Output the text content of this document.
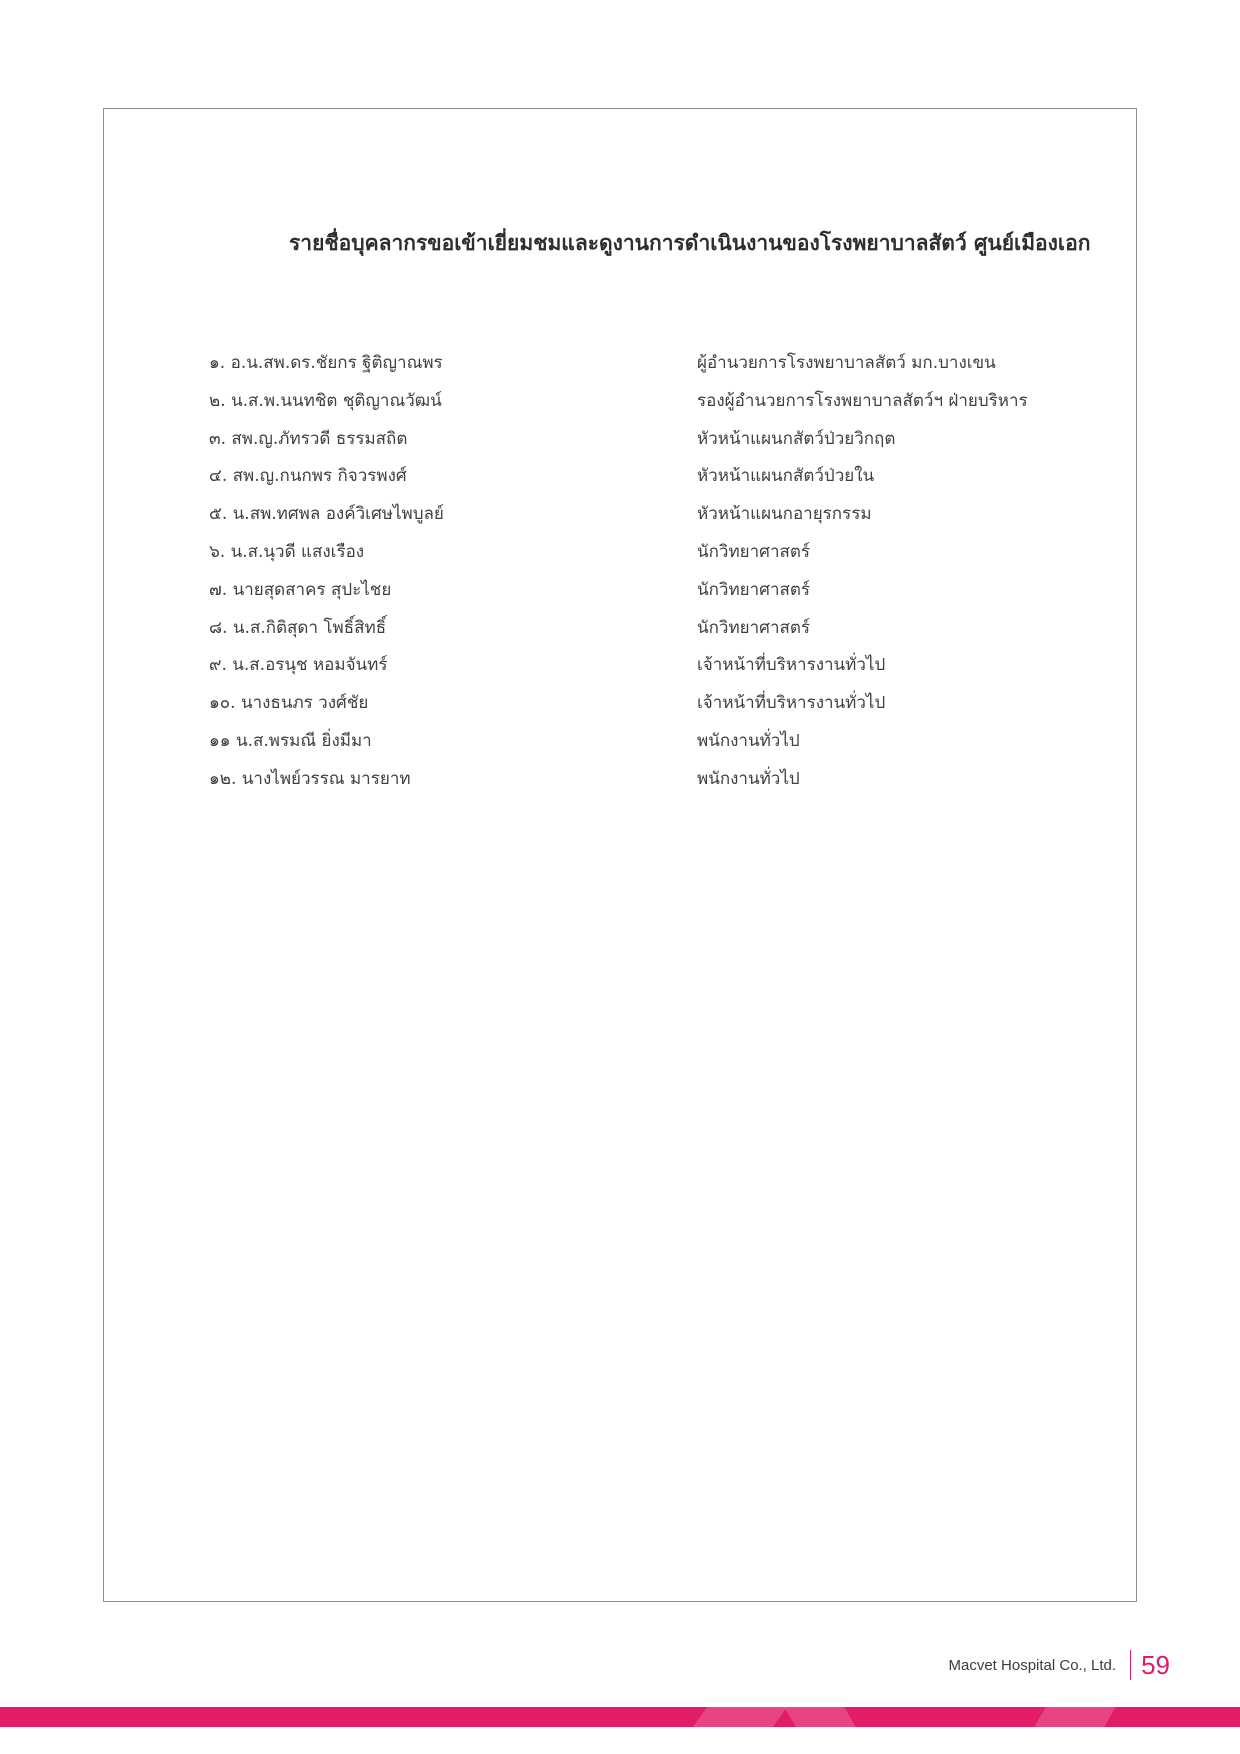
รายชื่อบุคลากรขอเข้าเยี่ยมชมและดูงานการดำเนินงานของโรงพยาบาลสัตว์ ศูนย์เมืองเอก
๑. อ.น.สพ.ดร.ชัยกร ฐิติญาณพร	ผู้อำนวยการโรงพยาบาลสัตว์ มก.บางเขน
๒. น.ส.พ.นนทชิต ชุติญาณวัฒน์	รองผู้อำนวยการโรงพยาบาลสัตว์ฯ ฝ่ายบริหาร
๓. สพ.ญ.ภัทรวดี ธรรมสถิต	หัวหน้าแผนกสัตว์ป่วยวิกฤต
๔. สพ.ญ.กนกพร กิจวรพงศ์	หัวหน้าแผนกสัตว์ป่วยใน
๕. น.สพ.ทศพล องค์วิเศษไพบูลย์	หัวหน้าแผนกอายุรกรรม
๖. น.ส.นุวดี แสงเรือง	นักวิทยาศาสตร์
๗. นายสุดสาคร สุปะไชย	นักวิทยาศาสตร์
๘. น.ส.กิติสุดา โพธิ์สิทธิ์	นักวิทยาศาสตร์
๙. น.ส.อรนุช หอมจันทร์	เจ้าหน้าที่บริหารงานทั่วไป
๑๐. นางธนภร วงศ์ชัย	เจ้าหน้าที่บริหารงานทั่วไป
๑๑ น.ส.พรมณี ยิ่งมีมา	พนักงานทั่วไป
๑๒. นางไพย์วรรณ มารยาท	พนักงานทั่วไป
Macvet Hospital Co., Ltd. 59
